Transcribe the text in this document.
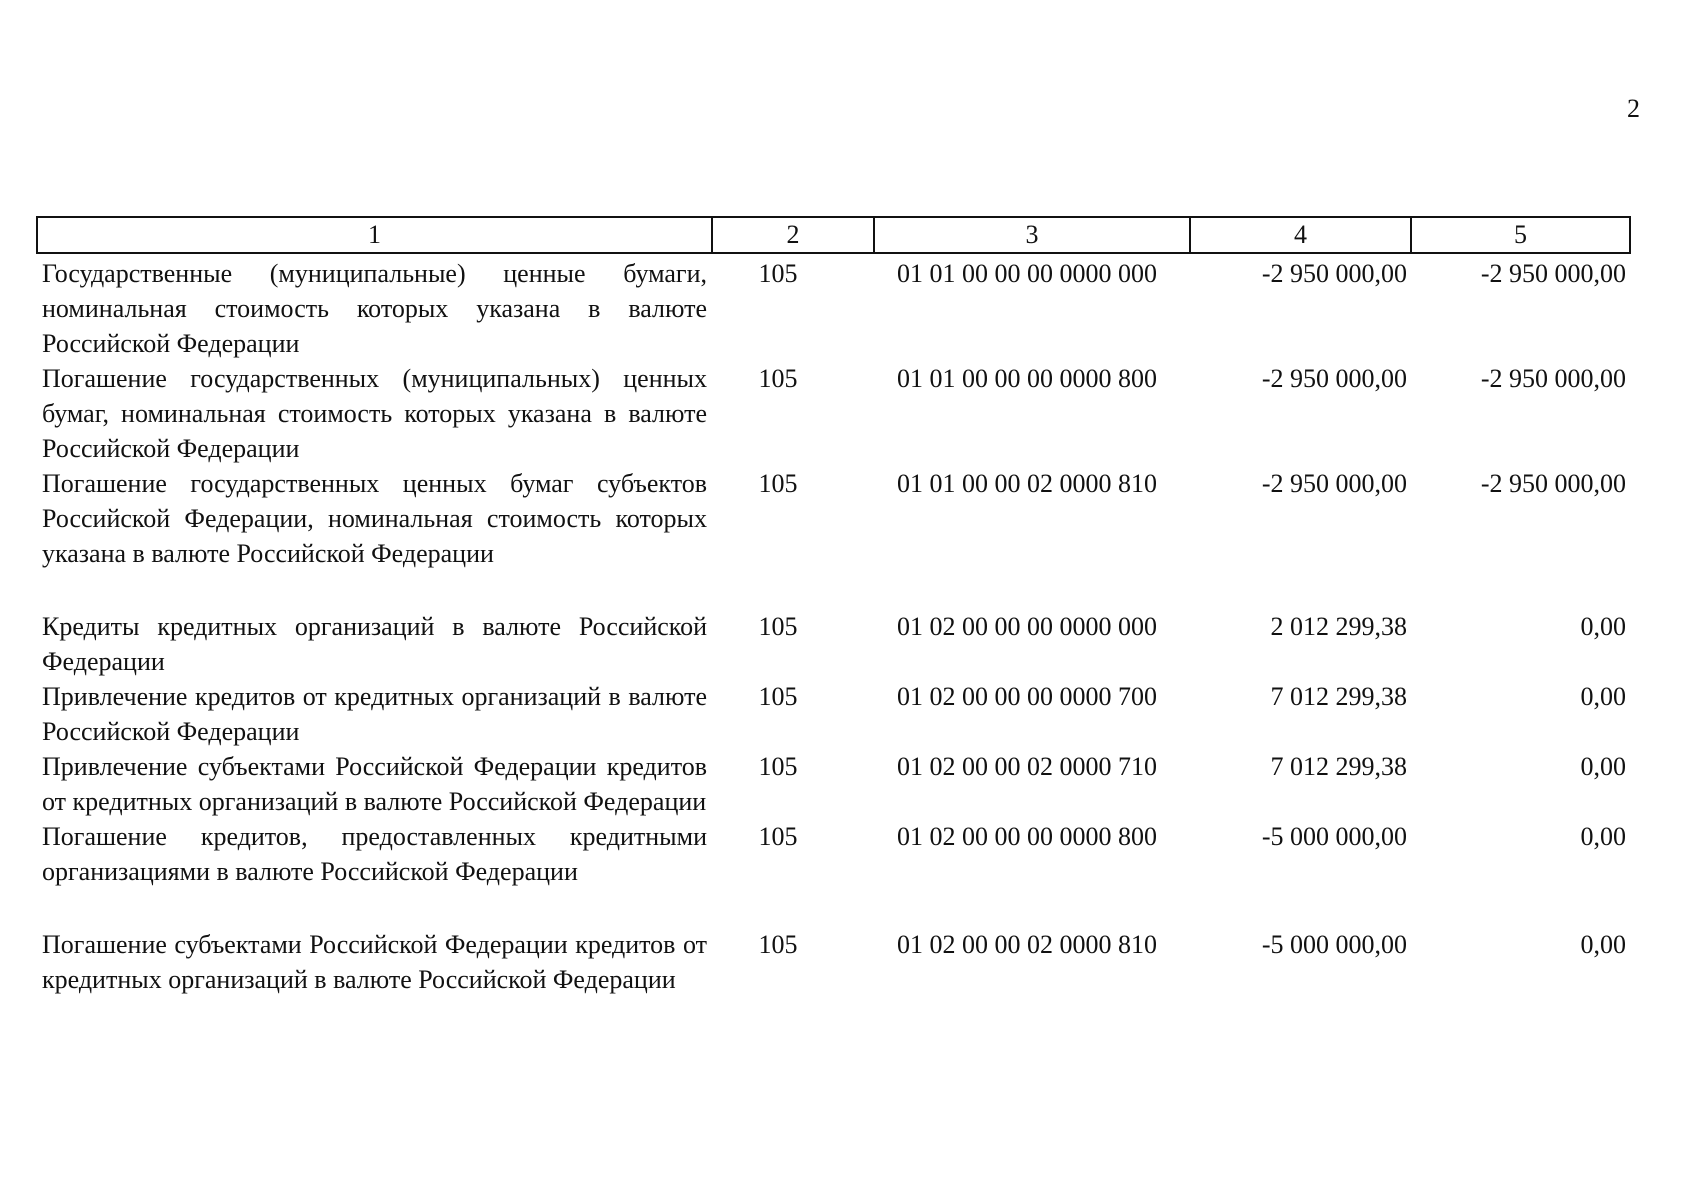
2
1	2	3	4	5
Государственные (муниципальные) ценные бумаги, номинальная стоимость которых указана в валюте Российской Федерации	105	01 01 00 00 00 0000 000	-2 950 000,00	-2 950 000,00
Погашение государственных (муниципальных) ценных бумаг, номинальная стоимость которых указана в валюте Российской Федерации	105	01 01 00 00 00 0000 800	-2 950 000,00	-2 950 000,00
Погашение государственных ценных бумаг субъектов Российской Федерации, номинальная стоимость которых указана в валюте Российской Федерации	105	01 01 00 00 02 0000 810	-2 950 000,00	-2 950 000,00
Кредиты кредитных организаций в валюте Российской Федерации	105	01 02 00 00 00 0000 000	2 012 299,38	0,00
Привлечение кредитов от кредитных организаций в валюте Российской Федерации	105	01 02 00 00 00 0000 700	7 012 299,38	0,00
Привлечение субъектами Российской Федерации кредитов от кредитных организаций в валюте Российской Федерации	105	01 02 00 00 02 0000 710	7 012 299,38	0,00
Погашение кредитов, предоставленных кредитными организациями в валюте Российской Федерации	105	01 02 00 00 00 0000 800	-5 000 000,00	0,00
Погашение субъектами Российской Федерации кредитов от кредитных организаций в валюте Российской Федерации	105	01 02 00 00 02 0000 810	-5 000 000,00	0,00
